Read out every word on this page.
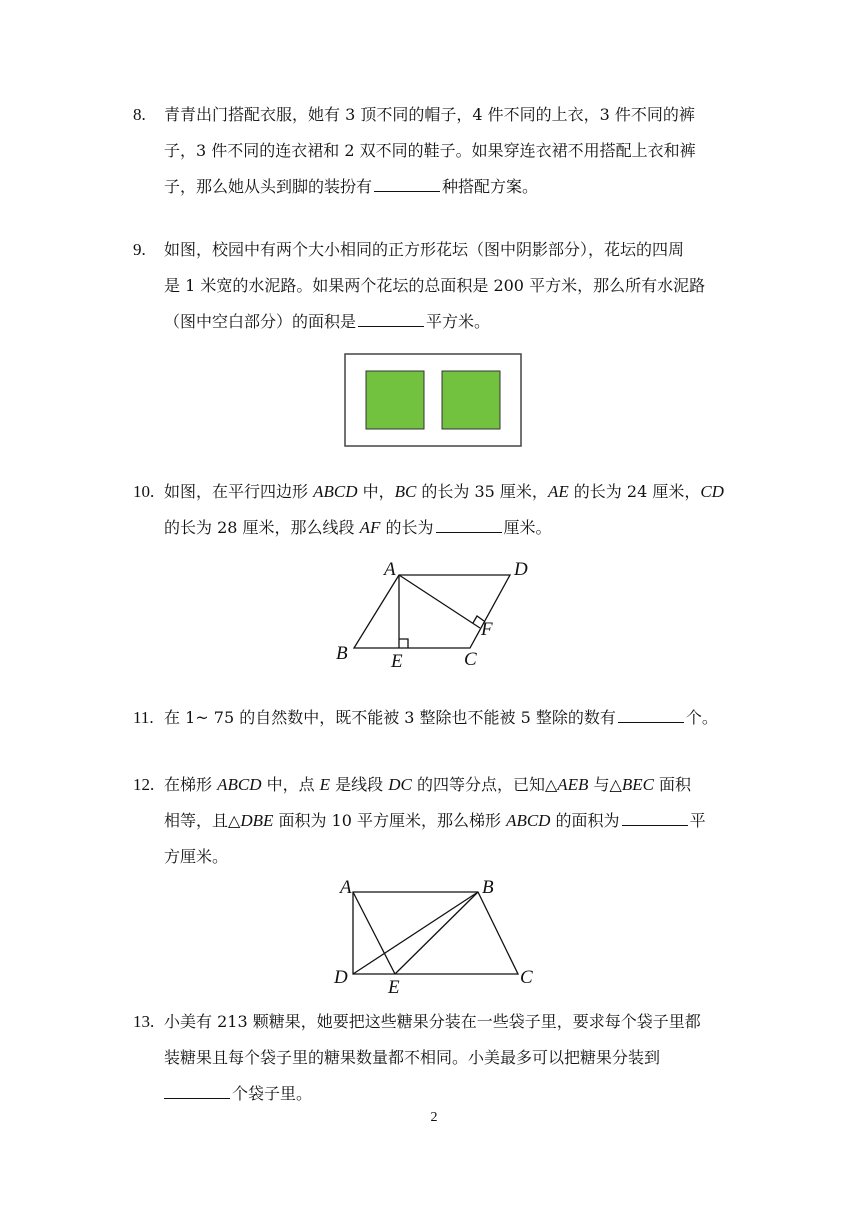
8. 青青出门搭配衣服，她有 3 顶不同的帽子，4 件不同的上衣，3 件不同的裤
子，3 件不同的连衣裙和 2 双不同的鞋子。如果穿连衣裙不用搭配上衣和裤
子，那么她从头到脚的装扮有	种搭配方案。
9. 如图，校园中有两个大小相同的正方形花坛（图中阴影部分），花坛的四周
是 1 米宽的水泥路。如果两个花坛的总面积是 200 平方米，那么所有水泥路
（图中空白部分）的面积是	平方米。
10. 如图，在平行四边形 ABCD 中，BC 的长为 35 厘米，AE 的长为 24 厘米，CD
的长为 28 厘米，那么线段 AF 的长为	厘米。
A	D
F
B E	C
11. 在 1~ 75 的自然数中，既不能被 3 整除也不能被 5 整除的数有	个。
12. 在梯形 ABCD 中，点 E 是线段 DC 的四等分点，已知△AEB 与△BEC 面积
相等，且△DBE 面积为 10 平方厘米，那么梯形 ABCD 的面积为	平
方厘米。
A	B
D E	C
13. 小美有 213 颗糖果，她要把这些糖果分装在一些袋子里，要求每个袋子里都
装糖果且每个袋子里的糖果数量都不相同。小美最多可以把糖果分装到
个袋子里。
2
